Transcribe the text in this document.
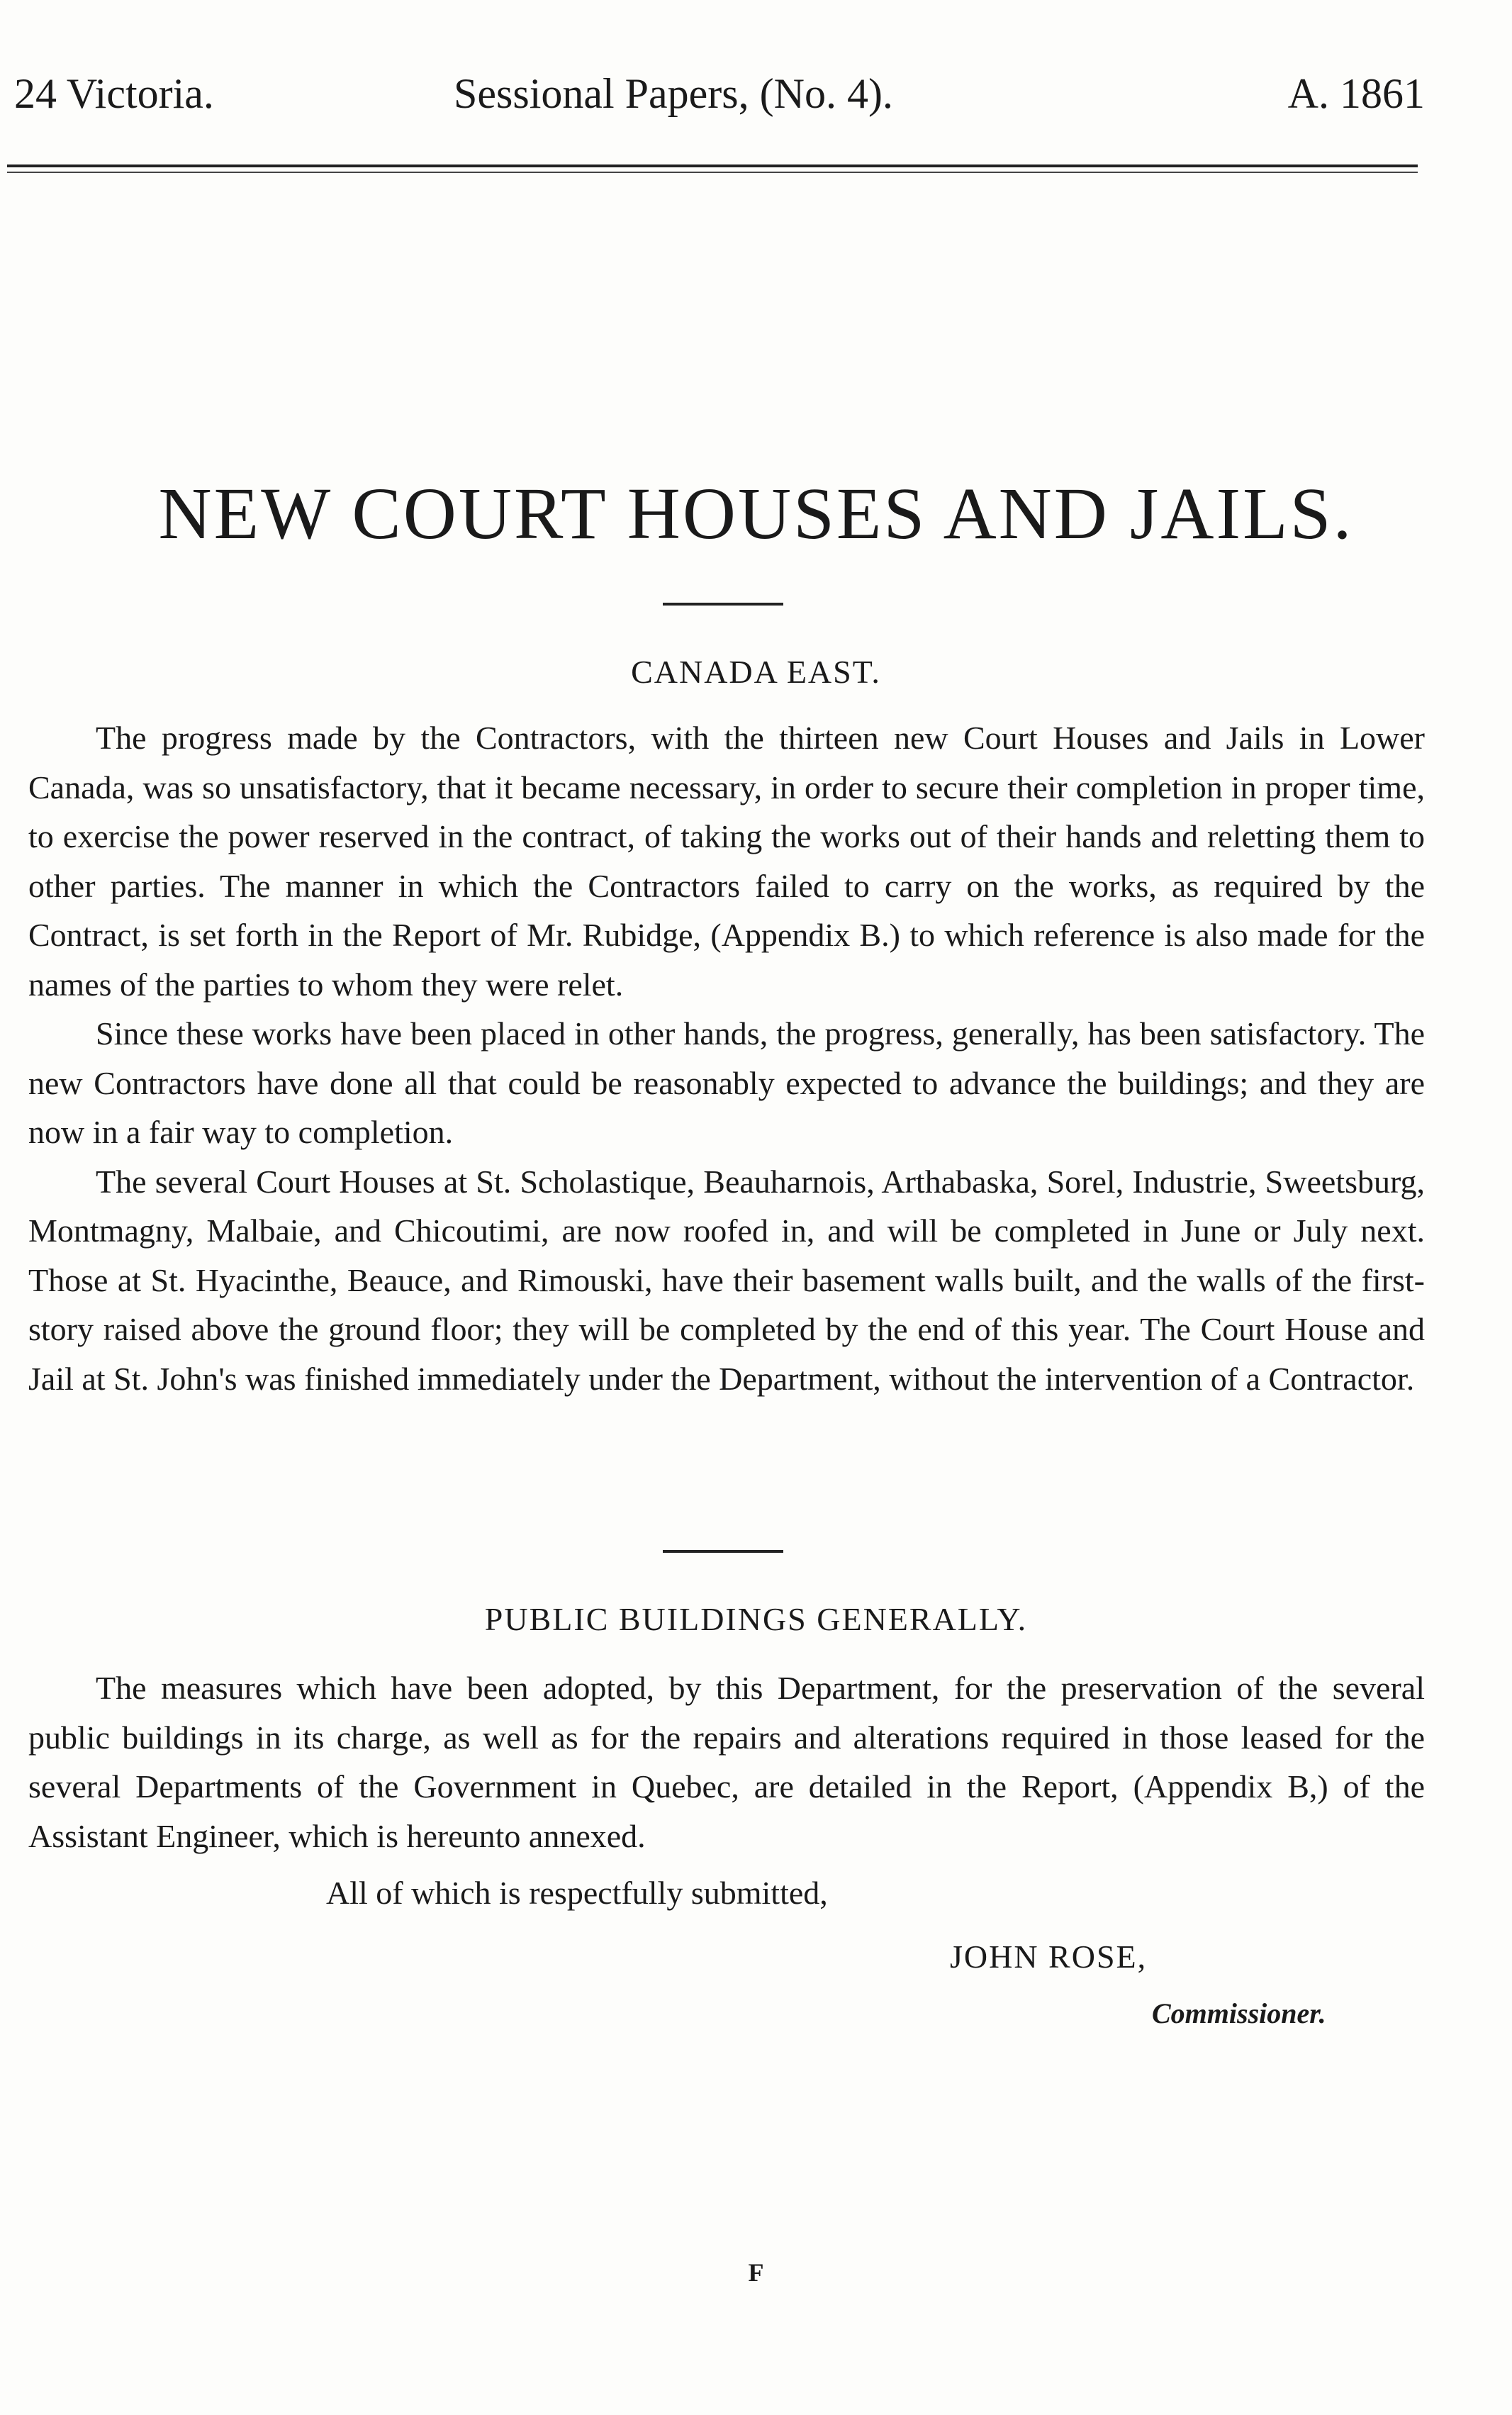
24 Victoria.	Sessional Papers, (No. 4).	A. 1861
NEW COURT HOUSES AND JAILS.
CANADA EAST.

The progress made by the Contractors, with the thirteen new Court Houses and Jails in Lower Canada, was so unsatisfactory, that it became necessary, in order to secure their completion in proper time, to exercise the power reserved in the contract, of taking the works out of their hands and reletting them to other parties. The manner in which the Contractors failed to carry on the works, as required by the Contract, is set forth in the Report of Mr. Rubidge, (Appendix B.) to which reference is also made for the names of the parties to whom they were relet.

Since these works have been placed in other hands, the progress, generally, has been satisfactory. The new Contractors have done all that could be reasonably expected to advance the buildings; and they are now in a fair way to completion.

The several Court Houses at St. Scholastique, Beauharnois, Arthabaska, Sorel, Industrie, Sweetsburg, Montmagny, Malbaie, and Chicoutimi, are now roofed in, and will be completed in June or July next. Those at St. Hyacinthe, Beauce, and Rimouski, have their basement walls built, and the walls of the first-story raised above the ground floor; they will be completed by the end of this year. The Court House and Jail at St. John's was finished immediately under the Department, without the intervention of a Contractor.

PUBLIC BUILDINGS GENERALLY.

The measures which have been adopted, by this Department, for the preservation of the several public buildings in its charge, as well as for the repairs and alterations required in those leased for the several Departments of the Government in Quebec, are detailed in the Report, (Appendix B,) of the Assistant Engineer, which is hereunto annexed.

All of which is respectfully submitted,
JOHN ROSE,
Commissioner.
F
